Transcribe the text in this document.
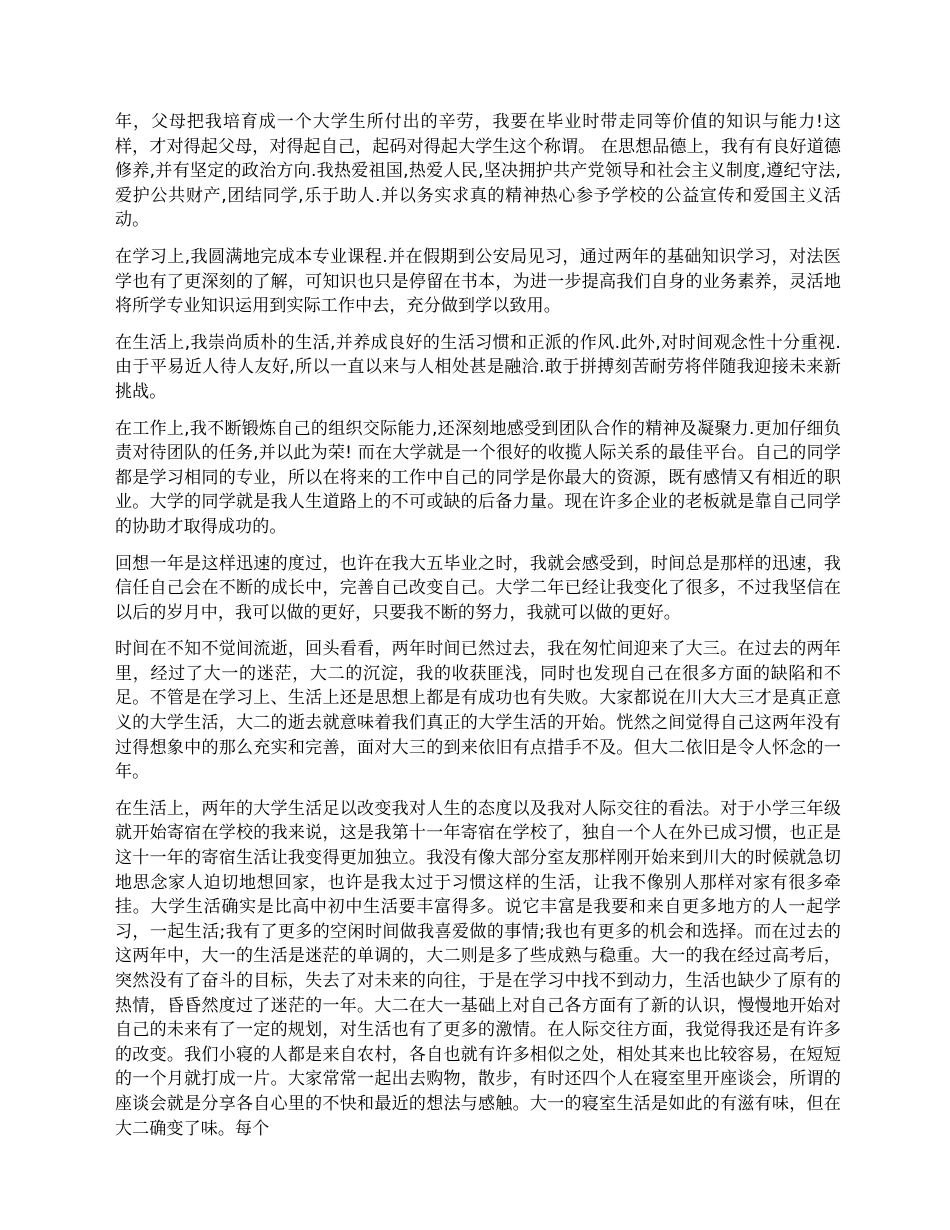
年，父母把我培育成一个大学生所付出的辛劳，我要在毕业时带走同等价值的知识与能力!这样，才对得起父母，对得起自己，起码对得起大学生这个称谓。 在思想品德上，我有有良好道德修养,并有坚定的政治方向.我热爱祖国,热爱人民,坚决拥护共产党领导和社会主义制度,遵纪守法,爱护公共财产,团结同学,乐于助人.并以务实求真的精神热心参予学校的公益宣传和爱国主义活动。

在学习上,我圆满地完成本专业课程.并在假期到公安局见习，通过两年的基础知识学习，对法医学也有了更深刻的了解，可知识也只是停留在书本，为进一步提高我们自身的业务素养，灵活地将所学专业知识运用到实际工作中去，充分做到学以致用。

在生活上,我崇尚质朴的生活,并养成良好的生活习惯和正派的作风.此外,对时间观念性十分重视.由于平易近人待人友好,所以一直以来与人相处甚是融洽.敢于拼搏刻苦耐劳将伴随我迎接未来新挑战。

在工作上,我不断锻炼自己的组织交际能力,还深刻地感受到团队合作的精神及凝聚力.更加仔细负责对待团队的任务,并以此为荣! 而在大学就是一个很好的收揽人际关系的最佳平台。自己的同学都是学习相同的专业，所以在将来的工作中自己的同学是你最大的资源，既有感情又有相近的职业。大学的同学就是我人生道路上的不可或缺的后备力量。现在许多企业的老板就是靠自己同学的协助才取得成功的。

回想一年是这样迅速的度过，也许在我大五毕业之时，我就会感受到，时间总是那样的迅速，我信任自己会在不断的成长中，完善自己改变自己。大学二年已经让我变化了很多，不过我坚信在以后的岁月中，我可以做的更好，只要我不断的努力，我就可以做的更好。

时间在不知不觉间流逝，回头看看，两年时间已然过去，我在匆忙间迎来了大三。在过去的两年里，经过了大一的迷茫，大二的沉淀，我的收获匪浅，同时也发现自己在很多方面的缺陷和不足。不管是在学习上、生活上还是思想上都是有成功也有失败。大家都说在川大大三才是真正意义的大学生活，大二的逝去就意味着我们真正的大学生活的开始。恍然之间觉得自己这两年没有过得想象中的那么充实和完善，面对大三的到来依旧有点措手不及。但大二依旧是令人怀念的一年。

在生活上，两年的大学生活足以改变我对人生的态度以及我对人际交往的看法。对于小学三年级就开始寄宿在学校的我来说，这是我第十一年寄宿在学校了，独自一个人在外已成习惯，也正是这十一年的寄宿生活让我变得更加独立。我没有像大部分室友那样刚开始来到川大的时候就急切地思念家人迫切地想回家，也许是我太过于习惯这样的生活，让我不像别人那样对家有很多牵挂。大学生活确实是比高中初中生活要丰富得多。说它丰富是我要和来自更多地方的人一起学习，一起生活;我有了更多的空闲时间做我喜爱做的事情;我也有更多的机会和选择。而在过去的这两年中，大一的生活是迷茫的单调的，大二则是多了些成熟与稳重。大一的我在经过高考后，突然没有了奋斗的目标，失去了对未来的向往，于是在学习中找不到动力，生活也缺少了原有的热情，昏昏然度过了迷茫的一年。大二在大一基础上对自己各方面有了新的认识，慢慢地开始对自己的未来有了一定的规划，对生活也有了更多的激情。在人际交往方面，我觉得我还是有许多的改变。我们小寝的人都是来自农村，各自也就有许多相似之处，相处其来也比较容易，在短短的一个月就打成一片。大家常常一起出去购物，散步，有时还四个人在寝室里开座谈会，所谓的座谈会就是分享各自心里的不快和最近的想法与感触。大一的寝室生活是如此的有滋有味，但在大二确变了味。每个
